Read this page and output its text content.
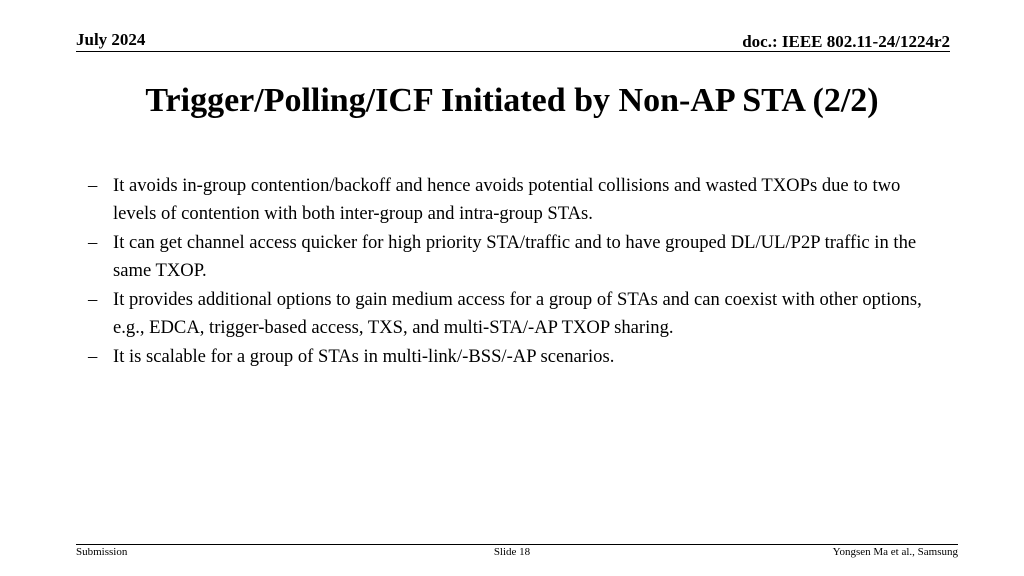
July 2024	doc.: IEEE 802.11-24/1224r2
Trigger/Polling/ICF Initiated by Non-AP STA (2/2)
– It avoids in-group contention/backoff and hence avoids potential collisions and wasted TXOPs due to two levels of contention with both inter-group and intra-group STAs.
– It can get channel access quicker for high priority STA/traffic and to have grouped DL/UL/P2P traffic in the same TXOP.
– It provides additional options to gain medium access for a group of STAs and can coexist with other options, e.g., EDCA, trigger-based access, TXS, and multi-STA/-AP TXOP sharing.
– It is scalable for a group of STAs in multi-link/-BSS/-AP scenarios.
Submission	Slide 18	Yongsen Ma et al., Samsung
